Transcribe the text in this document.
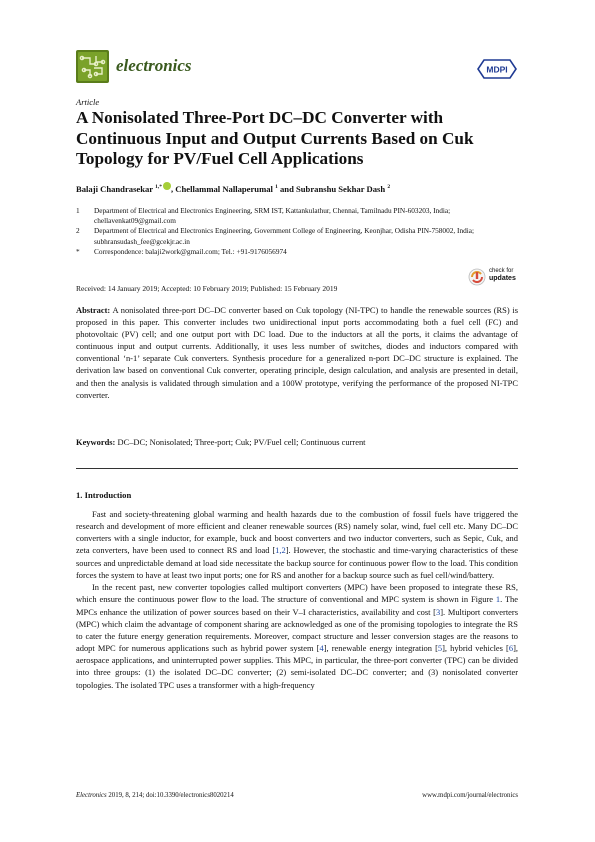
electronics	MDPI
Article
A Nonisolated Three-Port DC–DC Converter with Continuous Input and Output Currents Based on Cuk Topology for PV/Fuel Cell Applications
Balaji Chandrasekar $^{1,*}$ , Chellammal Nallaperumal $^1$ and Subranshu Sekhar Dash $^2$
1	Department of Electrical and Electronics Engineering, SRM IST, Kattankulathur, Chennai, Tamilnadu PIN-603203, India; chellavenkat09@gmail.com
2	Department of Electrical and Electronics Engineering, Government College of Engineering, Keonjhar, Odisha PIN-758002, India; subhransudash_fee@gcekjr.ac.in
*	Correspondence: balaji2work@gmail.com; Tel.: +91-9176056974
check for
updates
Received: 14 January 2019; Accepted: 10 February 2019; Published: 15 February 2019
Abstract: A nonisolated three-port DC–DC converter based on Cuk topology (NI-TPC) to handle the renewable sources (RS) is proposed in this paper. This converter includes two unidirectional input ports accommodating both a fuel cell (FC) and photovoltaic (PV) cell; and one output port with DC load. Due to the inductors at all the ports, it claims the advantage of continuous input and output currents. Additionally, it uses less number of switches, diodes and inductors compared with conventional ‘n-1’ separate Cuk converters. Synthesis procedure for a generalized n-port DC–DC structure is explained. The derivation law based on conventional Cuk converter, operating principle, design calculation, and analysis are presented in detail, and then the analysis is validated through simulation and a 100W prototype, verifying the performance of the proposed NI-TPC converter.
Keywords: DC–DC; Nonisolated; Three-port; Cuk; PV/Fuel cell; Continuous current
1. Introduction

Fast and society-threatening global warming and health hazards due to the combustion of fossil fuels have triggered the research and development of more efficient and cleaner renewable sources (RS) namely solar, wind, fuel cell etc. Many DC–DC converters with a single inductor, for example, buck and boost converters and two inductor converters, such as Sepic, Cuk, and zeta converters, have been used to connect RS and load [1,2]. However, the stochastic and time-varying characteristics of these sources and unpredictable demand at load side necessitate the backup source for continuous power flow to the load. This condition forces the system to have at least two input ports; one for RS and another for a backup source such as fuel cell/wind/battery.

In the recent past, new converter topologies called multiport converters (MPC) have been proposed to integrate these RS, which ensure the continuous power flow to the load. The structure of conventional and MPC system is shown in Figure 1. The MPCs enhance the utilization of power sources based on their V–I characteristics, availability and cost [3]. Multiport converters (MPC) which claim the advantage of component sharing are acknowledged as one of the promising topologies to integrate the RS to cater the future energy generation requirements. Moreover, compact structure and lesser conversion stages are the reasons to adopt MPC for numerous applications such as hybrid power system [4], renewable energy integration [5], hybrid vehicles [6], aerospace applications, and uninterrupted power supplies. This MPC, in particular, the three-port converter (TPC) can be divided into three groups: (1) the isolated DC–DC converter; (2) semi-isolated DC–DC converter; and (3) nonisolated converter topologies. The isolated TPC uses a transformer with a high-frequency

Electronics 2019, 8, 214; doi:10.3390/electronics8020214	www.mdpi.com/journal/electronics
